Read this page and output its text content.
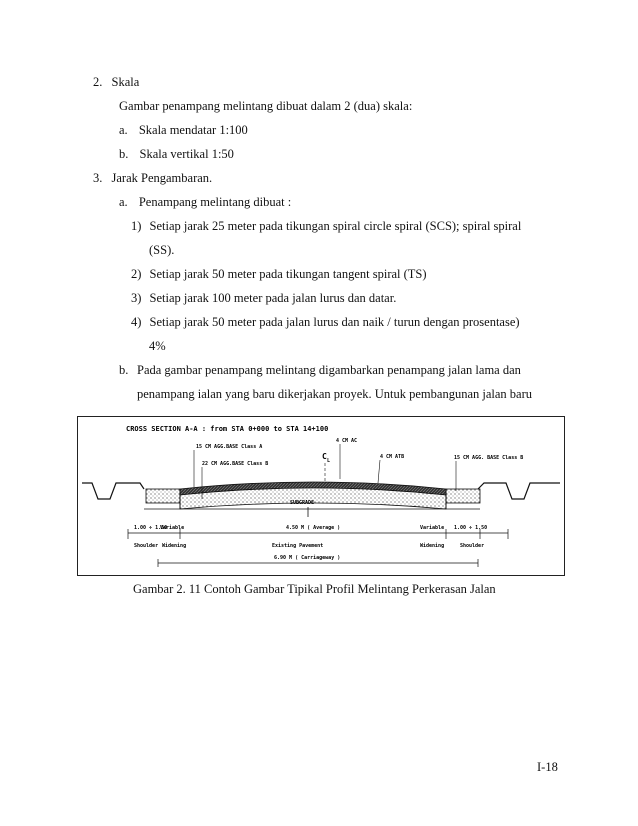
2. Skala
Gambar penampang melintang dibuat dalam 2 (dua) skala:
a. Skala mendatar 1:100
b. Skala vertikal 1:50
3. Jarak Pengambaran.
a. Penampang melintang dibuat :
1) Setiap jarak 25 meter pada tikungan spiral circle spiral (SCS); spiral spiral
(SS).
2) Setiap jarak 50 meter pada tikungan tangent spiral (TS)
3) Setiap jarak 100 meter pada jalan lurus dan datar.
4) Setiap jarak 50 meter pada jalan lurus dan naik / turun dengan prosentase)
4%
b. Pada gambar penampang melintang digambarkan penampang jalan lama dan
penampang ialan yang baru dikerjakan proyek. Untuk pembangunan jalan baru
CROSS SECTION A-A : from STA 0+000 to STA 14+100
SUBGRADE
15 CM AGG.BASE Class A
22 CM AGG.BASE Class B
C L
4 CM AC
4 CM ATB	15 CM AGG. BASE Class B
1.00 ÷ 1.50
Variable	4.50 M ( Average )	Variable 1.00 ÷ 1.50
Shoulder Widening	Existing Pavement	Widening	Shoulder
6.90 M ( Carriageway )
Gambar 2. 11 Contoh Gambar Tipikal Profil Melintang Perkerasan Jalan
I-18
